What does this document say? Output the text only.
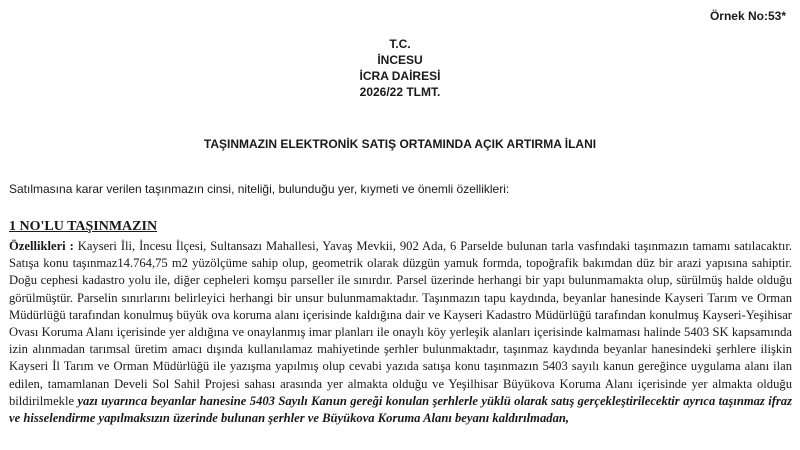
Örnek No:53*
T.C.
İNCESU
İCRA DAİRESİ
2026/22 TLMT.
TAŞINMAZIN ELEKTRONİK SATIŞ ORTAMINDA AÇIK ARTIRMA İLANI
Satılmasına karar verilen taşınmazın cinsi, niteliği, bulunduğu yer, kıymeti ve önemli özellikleri:
1 NO'LU TAŞINMAZIN
Özellikleri : Kayseri İli, İncesu İlçesi, Sultansazı Mahallesi, Yavaş Mevkii, 902 Ada, 6 Parselde bulunan tarla vasfındaki taşınmazın tamamı satılacaktır. Satışa konu taşınmaz14.764,75 m2 yüzölçüme sahip olup, geometrik olarak düzgün yamuk formda, topoğrafik bakımdan düz bir arazi yapısına sahiptir. Doğu cephesi kadastro yolu ile, diğer cepheleri komşu parseller ile sınırdır. Parsel üzerinde herhangi bir yapı bulunmamakta olup, sürülmüş halde olduğu görülmüştür. Parselin sınırlarını belirleyici herhangi bir unsur bulunmamaktadır. Taşınmazın tapu kaydında, beyanlar hanesinde Kayseri Tarım ve Orman Müdürlüğü tarafından konulmuş büyük ova koruma alanı içerisinde kaldığına dair ve Kayseri Kadastro Müdürlüğü tarafından konulmuş Kayseri-Yeşihisar Ovası Koruma Alanı içerisinde yer aldığına ve onaylanmış imar planları ile onaylı köy yerleşik alanları içerisinde kalmaması halinde 5403 SK kapsamında izin alınmadan tarımsal üretim amacı dışında kullanılamaz mahiyetinde şerhler bulunmaktadır, taşınmaz kaydında beyanlar hanesindeki şerhlere ilişkin Kayseri İl Tarım ve Orman Müdürlüğü ile yazışma yapılmış olup cevabi yazıda satışa konu taşınmazın 5403 sayılı kanun gereğince uygulama alanı ilan edilen, tamamlanan Develi Sol Sahil Projesi sahası arasında yer almakta olduğu ve Yeşilhisar Büyükova Koruma Alanı içerisinde yer almakta olduğu bildirilmekle yazı uyarınca beyanlar hanesine 5403 Sayılı Kanun gereği konulan şerhlerle yüklü olarak satış gerçekleştirilecektir ayrıca taşınmaz ifraz ve hisselendirme yapılmaksızın üzerinde bulunan şerhler ve Büyükova Koruma Alanı beyanı kaldırılmadan,
